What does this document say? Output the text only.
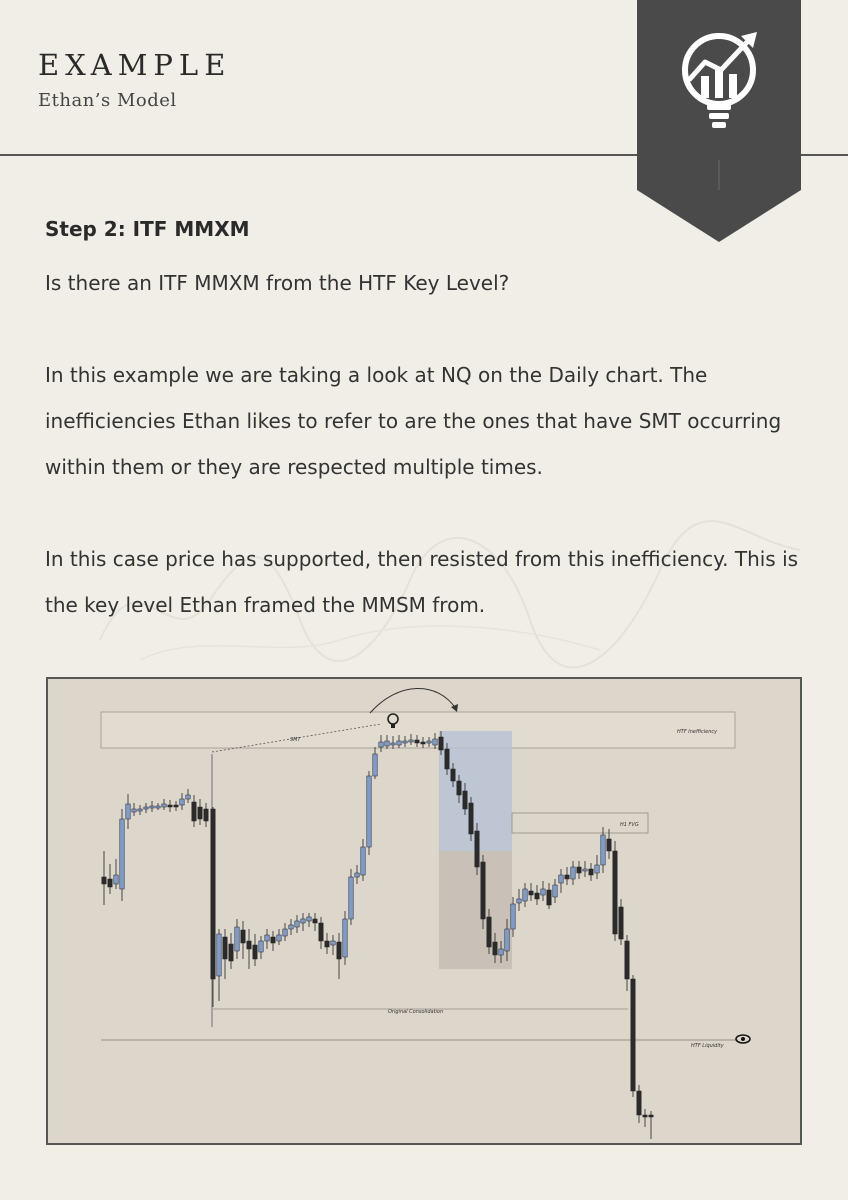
EXAMPLE
Ethan’s Model

Step 2: ITF MMXM

Is there an ITF MMXM from the HTF Key Level?

In this example we are taking a look at NQ on the Daily chart. The inefficiencies Ethan likes to refer to are the ones that have SMT occurring within them or they are respected multiple times.

In this case price has supported, then resisted from this inefficiency. This is the key level Ethan framed the MMSM from.

SMT
HTF Inefficiency
H1 FVG
Original Consolidation
HTF Liquidity
